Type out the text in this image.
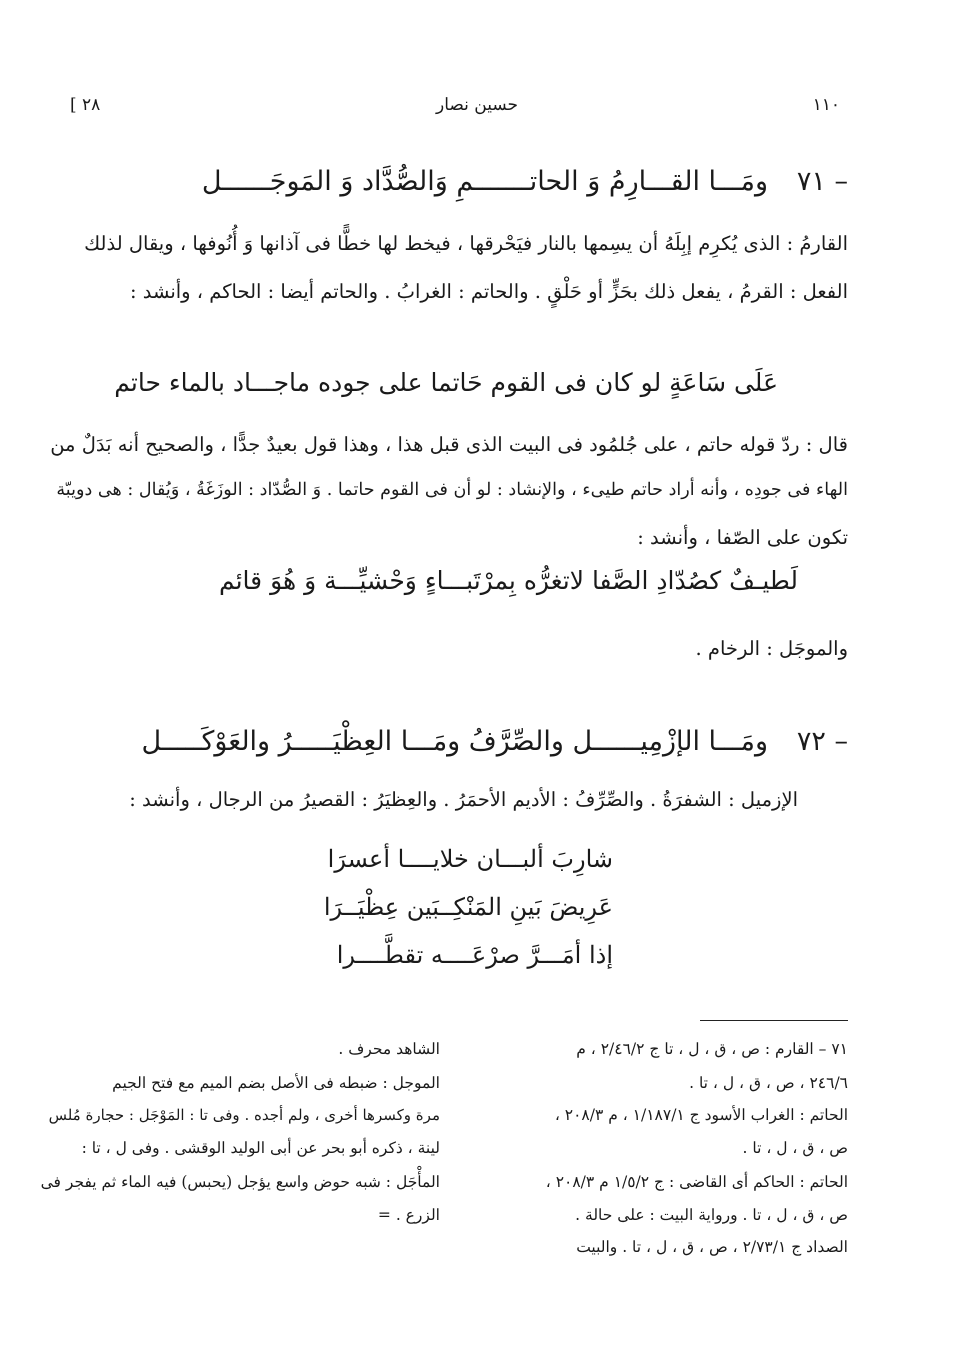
١١٠
حسين نصار
[ ٢٨
٧١ –
ومَـــا القـــارِمُ وَ الحاتـــــــمِ وَالصُّدَّاد وَ المَوجَــــــل
القارمُ : الذى يُكرِم إبِلَهُ أن يسِمها بالنار فيَحْرقها ، فيخط لها خطًّا فى آذانها وَ أُنُوفها ، ويقال لذلك
الفعل : القرمُ ، يفعل ذلك بحَزٍّ أو حَلْقٍ . والحاتم : الغرابُ . والحاتم أيضا : الحاكم ، وأنشد :
عَلَى سَاعَةٍ لو كان فى القوم حَاتما على جوده ماجـــاد بالماء حاتم
قال : ردّ قوله حاتم ، على جُلمُود فى البيت الذى قبل هذا ، وهذا قول بعيدٌ جدًّا ، والصحيح أنه بَدَلٌ من
الهاء فى جودِه ، وأنه أراد حاتم طيىء ، والإنشاد : لو أن فى القوم حاتما . وَ الصُّدّاد : الوزَغَةُ ، وَيُقال : هى دويبّة
تكون على الصّفا ، وأنشد :
لَطيـفٌ كصُدّادِ الصَّفا لاتغرُّه بِمرْتَبـــاءٍ وَحْشيِّـــة وَ هُوَ قائم
والموجَل : الرخام .
٧٢ –
ومَـــا الإزْمِيــــــل والصِّرَّفُ ومَـــا العِظْيَـــــرُ والعَوْكَـــــل
الإزميل : الشفرَةُ . والصِّرِّفُ : الأديم الأحمَرُ . والعِظيَرُ : القصيرُ من الرجال ، وأنشد :
شارِبَ ألبـــان خلايــــا أعسرَا
عَرِيضَ بَينِ المَنْكِــبَين عِظْيَــرَا
إذا أمَـــرَّ صرْعَــــه تقطَّــــرا
٧١ – القارم : ص ، ق ، ل ، تا ج ٢/٤٦/٢ ، م
٢٤٦/٦ ، ص ، ق ، ل ، تا .
الحاتم : الغراب الأسود ج ١/١٨٧/١ ، م ٢٠٨/٣ ،
ص ، ق ، ل ، تا .
الحاتم : الحاكم أى القاضى : ج ١/٥/٢ م ٢٠٨/٣ ،
ص ، ق ، ل ، تا . ورواية البيت : على حالة .
الصداد ج ٢/٧٣/١ ، ص ، ق ، ل ، تا . والبيت
الشاهد محرف .
الموجل : ضبطه فى الأصل بضم الميم مع فتح الجيم
مرة وكسرها أخرى ، ولم أجده . وفى تا : المَوْجَل : حجارة مُلس
لينة ، ذكره أبو بحر عن أبى الوليد الوقشى . وفى ل ، تا :
المأْجَل : شبه حوض واسع يؤجل (يحبس) فيه الماء ثم يفجر فى
الزرع . =
